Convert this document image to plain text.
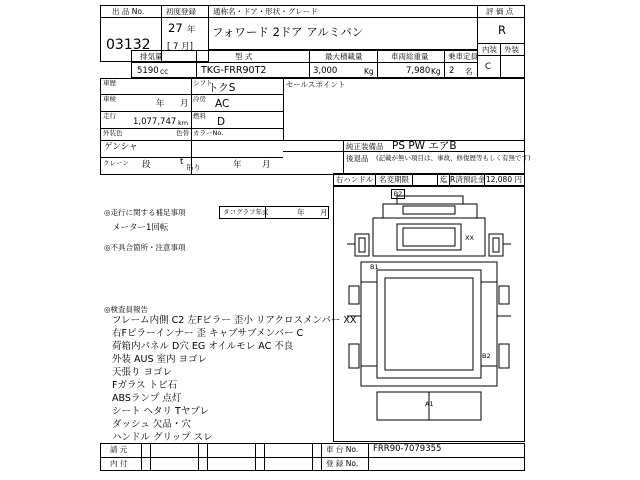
出 品 No.
03132
初度登録
27 年
[ 7 月]
通称名・ドア・形状・グレード
フォワード 2ドア アルミバン
評 価 点
R
内装 外装
C
排気量	型 式	最大積載量	車両総重量	乗車定員
5190 cc	TKG-FRR90T2	3,000	Kg	7,980 Kg 2 名
車歴	シフト
トクS
車検	年 月 冷房 AC
走行
1,077,747 km
燃料 D
外装色
ゲンシャ
色替 カラーNo.
クレーン 段	t
吊り	年 月
セールスポイント
純正装備品 PS PW エアB
後退品 (記載が無い項目は、事故、修復歴等もしく有無です)
右ハンドル 名変期限	迄 R済預託金 12,080 円
◎走行に関する補足事項	タコグラフ年式	年 月
メーター1回転
◎不具合箇所・注意事項
◎検査員報告
フレーム内側 C2 左Fピラー 歪小 リアクロスメンバー XX
右Fピラーインナー 歪 キャブサブメンバー C
荷箱内パネル D穴 EG オイルモレ AC 不良
外装 AUS 室内 ヨゴレ
天張り ヨゴレ
Fガラス トビ石
ABSランプ 点灯
シート ヘタリ Tヤブレ
ダッシュ 欠品・穴
ハンドル グリップ スレ
B2
XX
B1
B2
A1
請 元
内 付
車 台 No. FRR90-7079355
登 録 No.
